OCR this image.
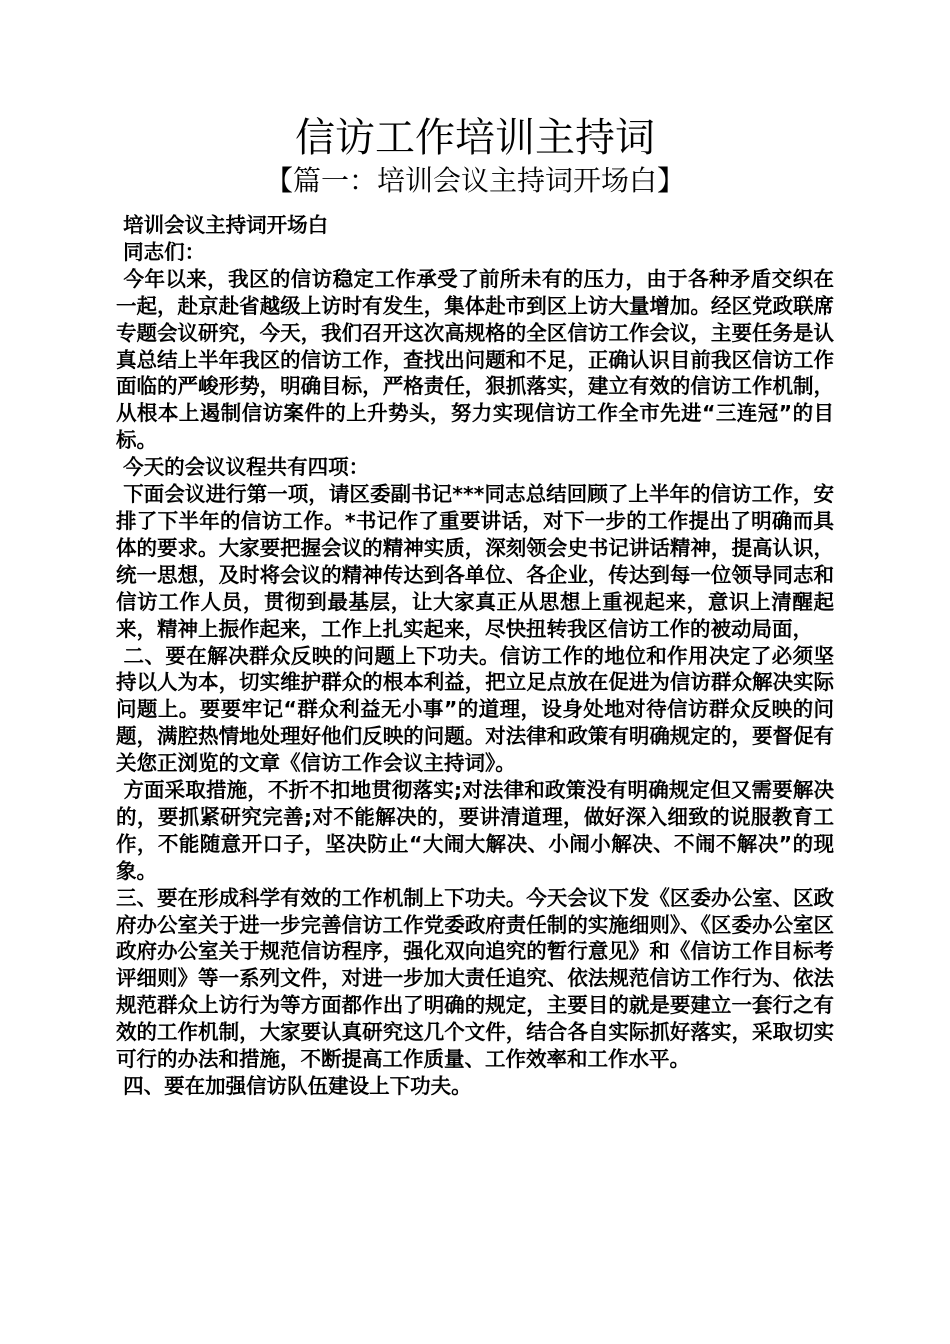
信访工作培训主持词
【篇一：培训会议主持词开场白】

培训会议主持词开场白

同志们：

今年以来，我区的信访稳定工作承受了前所未有的压力，由于各种矛盾交织在一起，赴京赴省越级上访时有发生，集体赴市到区上访大量增加。经区党政联席专题会议研究，今天，我们召开这次高规格的全区信访工作会议，主要任务是认真总结上半年我区的信访工作，查找出问题和不足，正确认识目前我区信访工作面临的严峻形势，明确目标，严格责任，狠抓落实，建立有效的信访工作机制，从根本上遏制信访案件的上升势头，努力实现信访工作全市先进“三连冠”的目标。

今天的会议议程共有四项：

下面会议进行第一项，请区委副书记***同志总结回顾了上半年的信访工作，安排了下半年的信访工作。*书记作了重要讲话，对下一步的工作提出了明确而具体的要求。大家要把握会议的精神实质，深刻领会史书记讲话精神，提高认识，统一思想，及时将会议的精神传达到各单位、各企业，传达到每一位领导同志和信访工作人员，贯彻到最基层，让大家真正从思想上重视起来，意识上清醒起来，精神上振作起来，工作上扎实起来，尽快扭转我区信访工作的被动局面，

二、要在解决群众反映的问题上下功夫。信访工作的地位和作用决定了必须坚持以人为本，切实维护群众的根本利益，把立足点放在促进为信访群众解决实际问题上。要要牢记“群众利益无小事”的道理，设身处地对待信访群众反映的问题，满腔热情地处理好他们反映的问题。对法律和政策有明确规定的，要督促有关您正浏览的文章《信访工作会议主持词》。

方面采取措施，不折不扣地贯彻落实;对法律和政策没有明确规定但又需要解决的，要抓紧研究完善;对不能解决的，要讲清道理，做好深入细致的说服教育工作，不能随意开口子，坚决防止“大闹大解决、小闹小解决、不闹不解决”的现象。

三、要在形成科学有效的工作机制上下功夫。今天会议下发《区委办公室、区政府办公室关于进一步完善信访工作党委政府责任制的实施细则》、《区委办公室区政府办公室关于规范信访程序，强化双向追究的暂行意见》和《信访工作目标考评细则》等一系列文件，对进一步加大责任追究、依法规范信访工作行为、依法规范群众上访行为等方面都作出了明确的规定，主要目的就是要建立一套行之有效的工作机制，大家要认真研究这几个文件，结合各自实际抓好落实，采取切实可行的办法和措施，不断提高工作质量、工作效率和工作水平。

四、要在加强信访队伍建设上下功夫。
